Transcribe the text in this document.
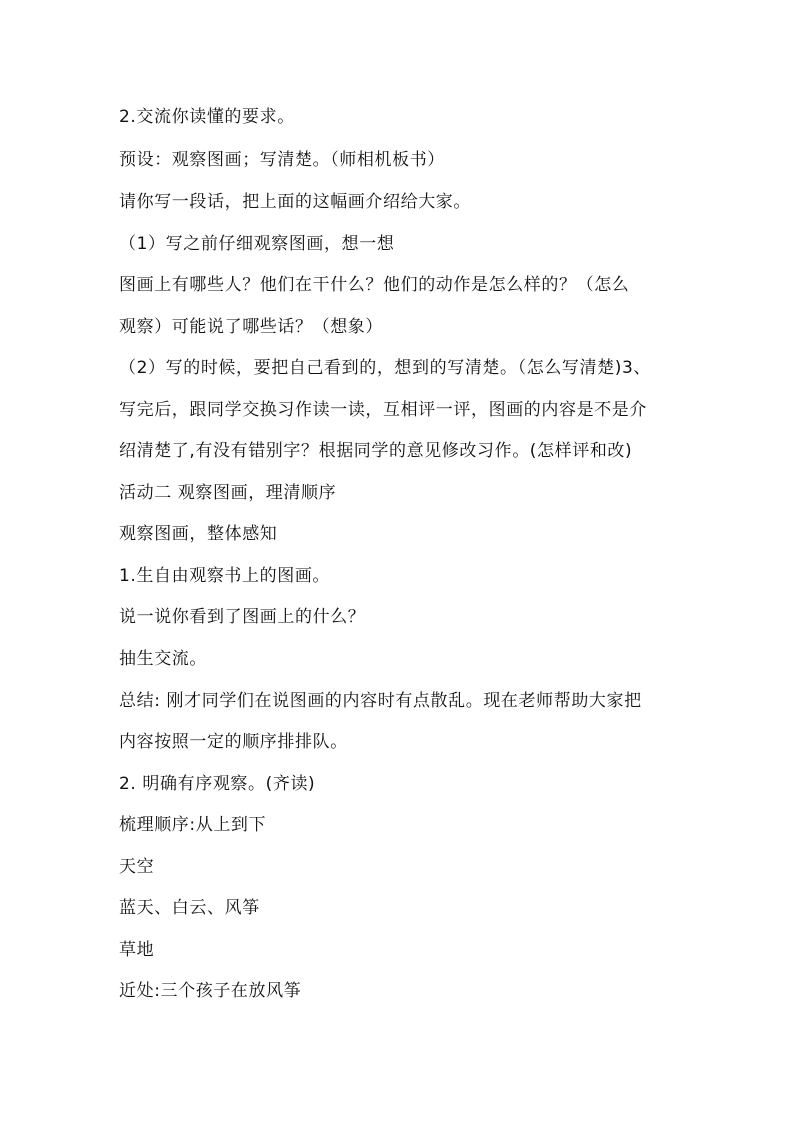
2.交流你读懂的要求。
预设：观察图画；写清楚。（师相机板书）
请你写一段话，把上面的这幅画介绍给大家。
（1）写之前仔细观察图画，想一想
图画上有哪些人？他们在干什么？他们的动作是怎么样的？（怎么
观察）可能说了哪些话？（想象）
（2）写的时候，要把自己看到的，想到的写清楚。（怎么写清楚)3、
写完后，跟同学交换习作读一读，互相评一评，图画的内容是不是介
绍清楚了,有没有错别字？根据同学的意见修改习作。(怎样评和改)
活动二 观察图画，理清顺序
观察图画，整体感知
1.生自由观察书上的图画。
说一说你看到了图画上的什么？
抽生交流。
总结: 刚才同学们在说图画的内容时有点散乱。现在老师帮助大家把
内容按照一定的顺序排排队。
2. 明确有序观察。(齐读)
梳理顺序:从上到下
天空
蓝天、白云、风筝
草地
近处:三个孩子在放风筝
